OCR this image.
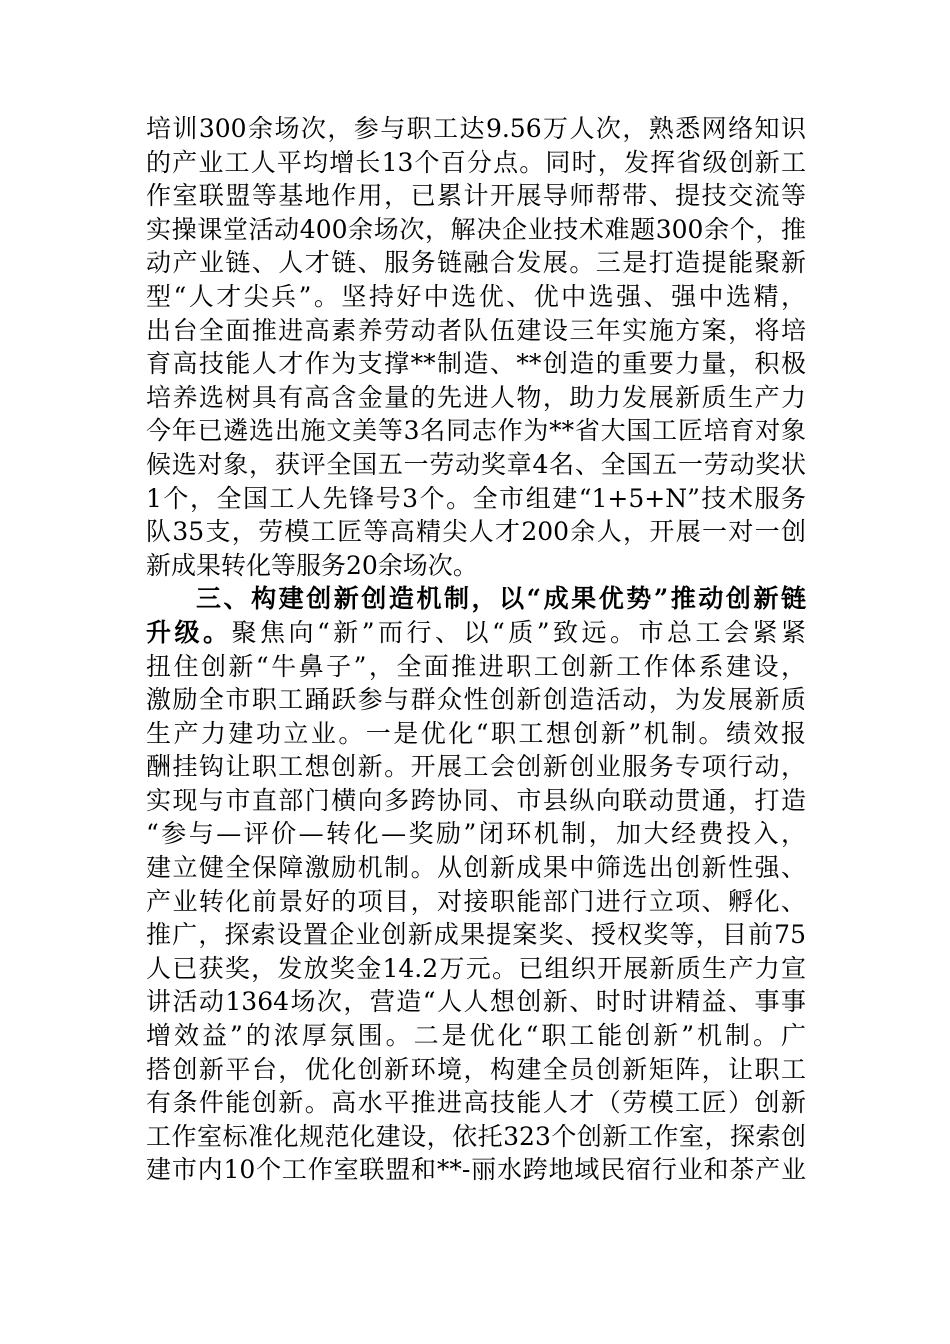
培训300余场次，参与职工达9.56万人次，熟悉网络知识
的产业工人平均增长13个百分点。同时，发挥省级创新工
作室联盟等基地作用，已累计开展导师帮带、提技交流等
实操课堂活动400余场次，解决企业技术难题300余个，推
动产业链、人才链、服务链融合发展。三是打造提能聚新
型“人才尖兵”。坚持好中选优、优中选强、强中选精，
出台全面推进高素养劳动者队伍建设三年实施方案，将培
育高技能人才作为支撑**制造、**创造的重要力量，积极
培养选树具有高含金量的先进人物，助力发展新质生产力
今年已遴选出施文美等3名同志作为**省大国工匠培育对象
候选对象，获评全国五一劳动奖章4名、全国五一劳动奖状
1个，全国工人先锋号3个。全市组建“1+5+N”技术服务
队35支，劳模工匠等高精尖人才200余人，开展一对一创
新成果转化等服务20余场次。
三、构建创新创造机制，以“成果优势”推动创新链
升级。聚焦向“新”而行、以“质”致远。市总工会紧紧
扭住创新“牛鼻子”，全面推进职工创新工作体系建设，
激励全市职工踊跃参与群众性创新创造活动，为发展新质
生产力建功立业。一是优化“职工想创新”机制。绩效报
酬挂钩让职工想创新。开展工会创新创业服务专项行动，
实现与市直部门横向多跨协同、市县纵向联动贯通，打造
“参与—评价—转化—奖励”闭环机制，加大经费投入，
建立健全保障激励机制。从创新成果中筛选出创新性强、
产业转化前景好的项目，对接职能部门进行立项、孵化、
推广，探索设置企业创新成果提案奖、授权奖等，目前75
人已获奖，发放奖金14.2万元。已组织开展新质生产力宣
讲活动1364场次，营造“人人想创新、时时讲精益、事事
增效益”的浓厚氛围。二是优化“职工能创新”机制。广
搭创新平台，优化创新环境，构建全员创新矩阵，让职工
有条件能创新。高水平推进高技能人才（劳模工匠）创新
工作室标准化规范化建设，依托323个创新工作室，探索创
建市内10个工作室联盟和**-丽水跨地域民宿行业和茶产业
